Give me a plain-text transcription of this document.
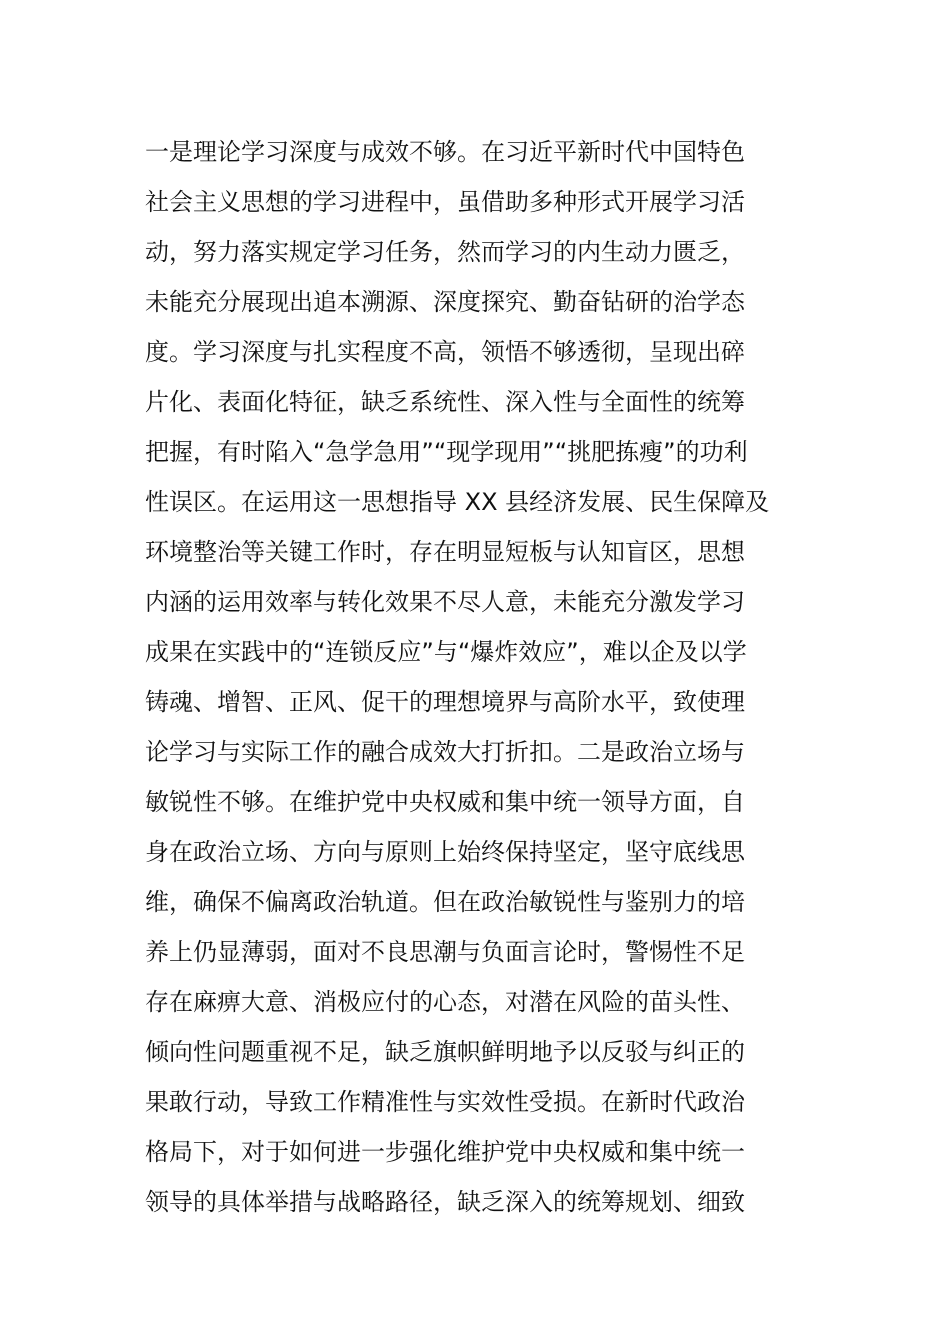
一是理论学习深度与成效不够。在习近平新时代中国特色
社会主义思想的学习进程中，虽借助多种形式开展学习活
动，努力落实规定学习任务，然而学习的内生动力匮乏，
未能充分展现出追本溯源、深度探究、勤奋钻研的治学态
度。学习深度与扎实程度不高，领悟不够透彻，呈现出碎
片化、表面化特征，缺乏系统性、深入性与全面性的统筹
把握，有时陷入“急学急用”“现学现用”“挑肥拣瘦”的功利
性误区。在运用这一思想指导 XX 县经济发展、民生保障及
环境整治等关键工作时，存在明显短板与认知盲区，思想
内涵的运用效率与转化效果不尽人意，未能充分激发学习
成果在实践中的“连锁反应”与“爆炸效应”，难以企及以学
铸魂、增智、正风、促干的理想境界与高阶水平，致使理
论学习与实际工作的融合成效大打折扣。二是政治立场与
敏锐性不够。在维护党中央权威和集中统一领导方面，自
身在政治立场、方向与原则上始终保持坚定，坚守底线思
维，确保不偏离政治轨道。但在政治敏锐性与鉴别力的培
养上仍显薄弱，面对不良思潮与负面言论时，警惕性不足
存在麻痹大意、消极应付的心态，对潜在风险的苗头性、
倾向性问题重视不足，缺乏旗帜鲜明地予以反驳与纠正的
果敢行动，导致工作精准性与实效性受损。在新时代政治
格局下，对于如何进一步强化维护党中央权威和集中统一
领导的具体举措与战略路径，缺乏深入的统筹规划、细致
